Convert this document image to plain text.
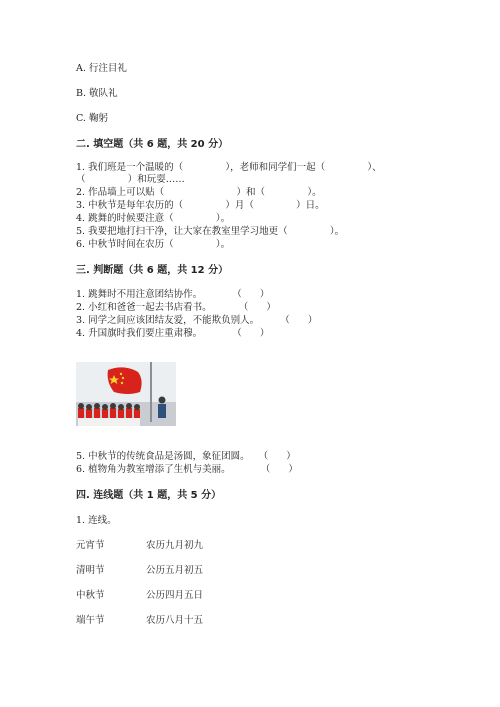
A. 行注目礼
B. 敬队礼
C. 鞠躬
二. 填空题（共 6 题，共 20 分）
1. 我们班是一个温暖的（              ），老师和同学们一起（              ）、
（              ）和玩耍……
2. 作品墙上可以贴（                        ）和（              ）。
3. 中秋节是每年农历的（              ）月（              ）日。
4. 跳舞的时候要注意（              ）。
5. 我要把地打扫干净，让大家在教室里学习地更（              ）。
6. 中秋节时间在农历（              ）。
三. 判断题（共 6 题，共 12 分）
1. 跳舞时不用注意团结协作。          （      ）
2. 小红和爸爸一起去书店看书。         （      ）
3. 同学之间应该团结友爱，不能欺负别人。       （      ）
4. 升国旗时我们要庄重肃穆。          （      ）
5. 中秋节的传统食品是汤圆，象征团圆。   （      ）
6. 植物角为教室增添了生机与美丽。          （      ）
四. 连线题（共 1 题，共 5 分）
1. 连线。
元宵节	农历九月初九
清明节	公历五月初五
中秋节	公历四月五日
端午节	农历八月十五
